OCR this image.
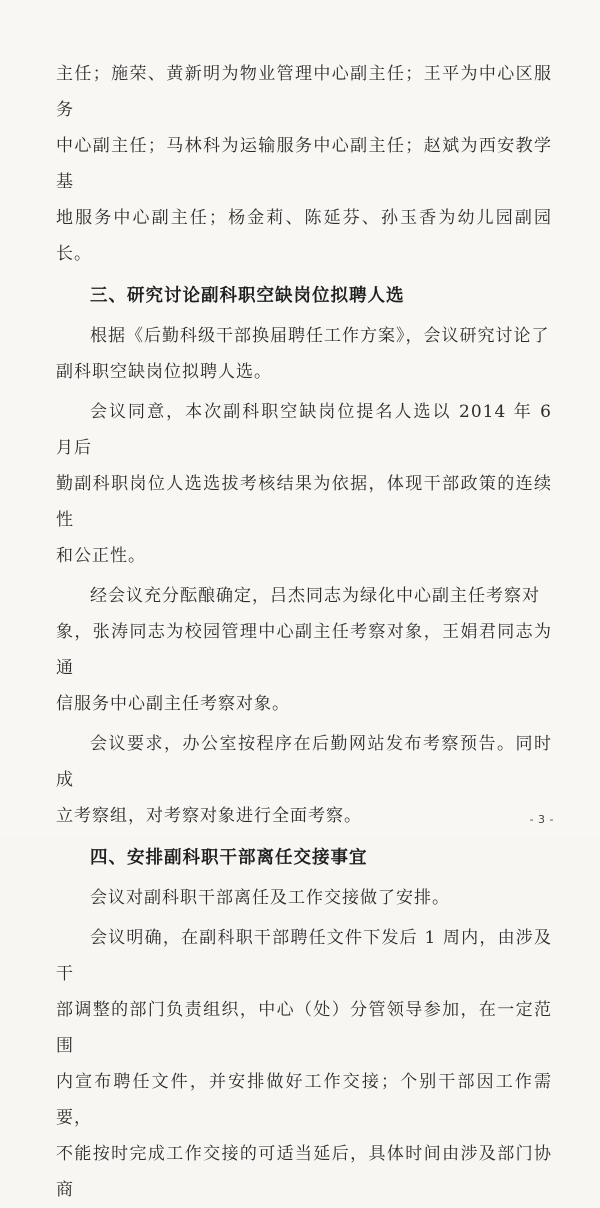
主任；施荣、黄新明为物业管理中心副主任；王平为中心区服务
中心副主任；马林科为运输服务中心副主任；赵斌为西安教学基
地服务中心副主任；杨金莉、陈延芬、孙玉香为幼儿园副园长。

三、研究讨论副科职空缺岗位拟聘人选

根据《后勤科级干部换届聘任工作方案》，会议研究讨论了
副科职空缺岗位拟聘人选。

会议同意，本次副科职空缺岗位提名人选以 2014 年 6 月后
勤副科职岗位人选选拔考核结果为依据，体现干部政策的连续性
和公正性。

经会议充分酝酿确定，吕杰同志为绿化中心副主任考察对
象，张涛同志为校园管理中心副主任考察对象，王娟君同志为通
信服务中心副主任考察对象。

会议要求，办公室按程序在后勤网站发布考察预告。同时成
立考察组，对考察对象进行全面考察。

四、安排副科职干部离任交接事宜

会议对副科职干部离任及工作交接做了安排。

会议明确，在副科职干部聘任文件下发后 1 周内，由涉及干
部调整的部门负责组织，中心（处）分管领导参加，在一定范围
内宣布聘任文件，并安排做好工作交接；个别干部因工作需要，
不能按时完成工作交接的可适当延后，具体时间由涉及部门协商

- 3 -
